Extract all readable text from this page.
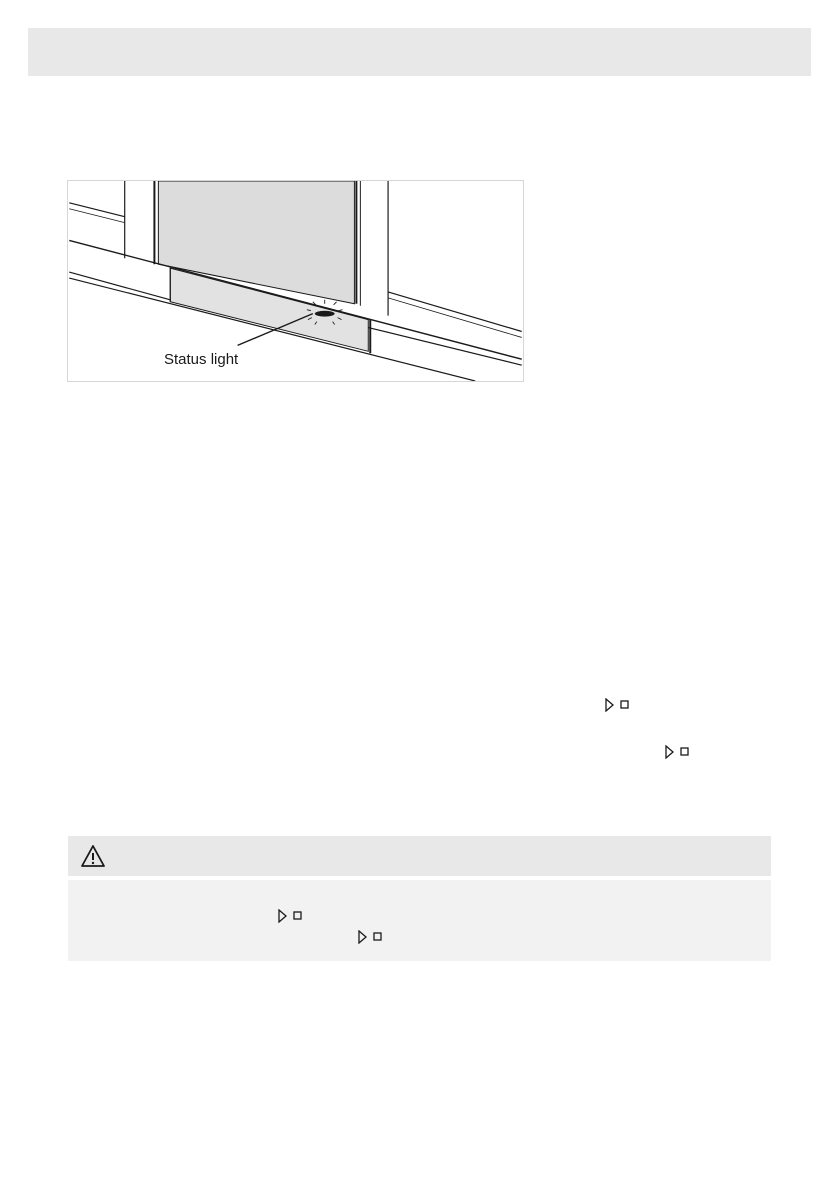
Status light
